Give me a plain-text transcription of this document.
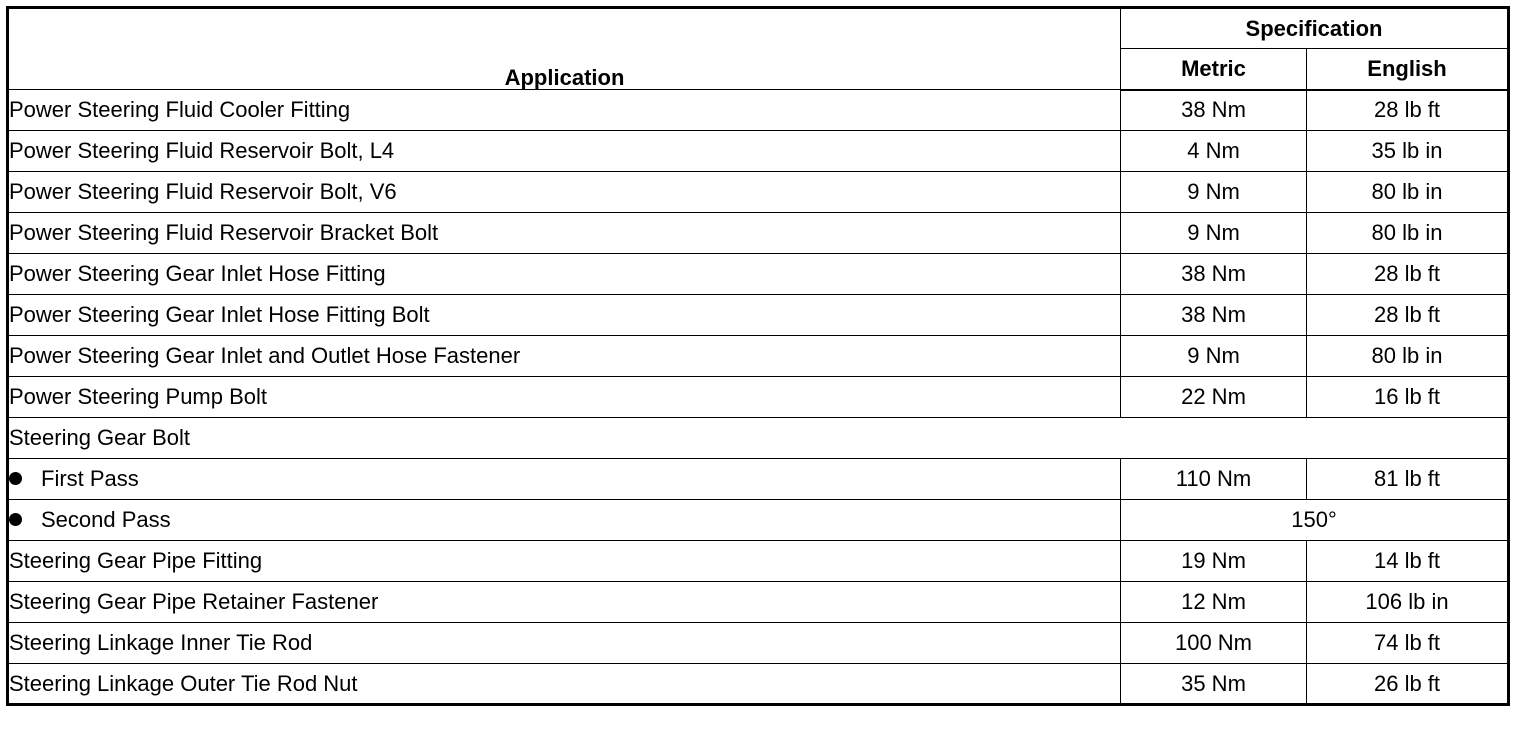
Application	Specification	
	Metric	English
Power Steering Fluid Cooler Fitting	38 Nm	28 lb ft
Power Steering Fluid Reservoir Bolt, L4	4 Nm	35 lb in
Power Steering Fluid Reservoir Bolt, V6	9 Nm	80 lb in
Power Steering Fluid Reservoir Bracket Bolt	9 Nm	80 lb in
Power Steering Gear Inlet Hose Fitting	38 Nm	28 lb ft
Power Steering Gear Inlet Hose Fitting Bolt	38 Nm	28 lb ft
Power Steering Gear Inlet and Outlet Hose Fastener	9 Nm	80 lb in
Power Steering Pump Bolt	22 Nm	16 lb ft
Steering Gear Bolt		
First Pass	110 Nm	81 lb ft
Second Pass	150°	
Steering Gear Pipe Fitting	19 Nm	14 lb ft
Steering Gear Pipe Retainer Fastener	12 Nm	106 lb in
Steering Linkage Inner Tie Rod	100 Nm	74 lb ft
Steering Linkage Outer Tie Rod Nut	35 Nm	26 lb ft
